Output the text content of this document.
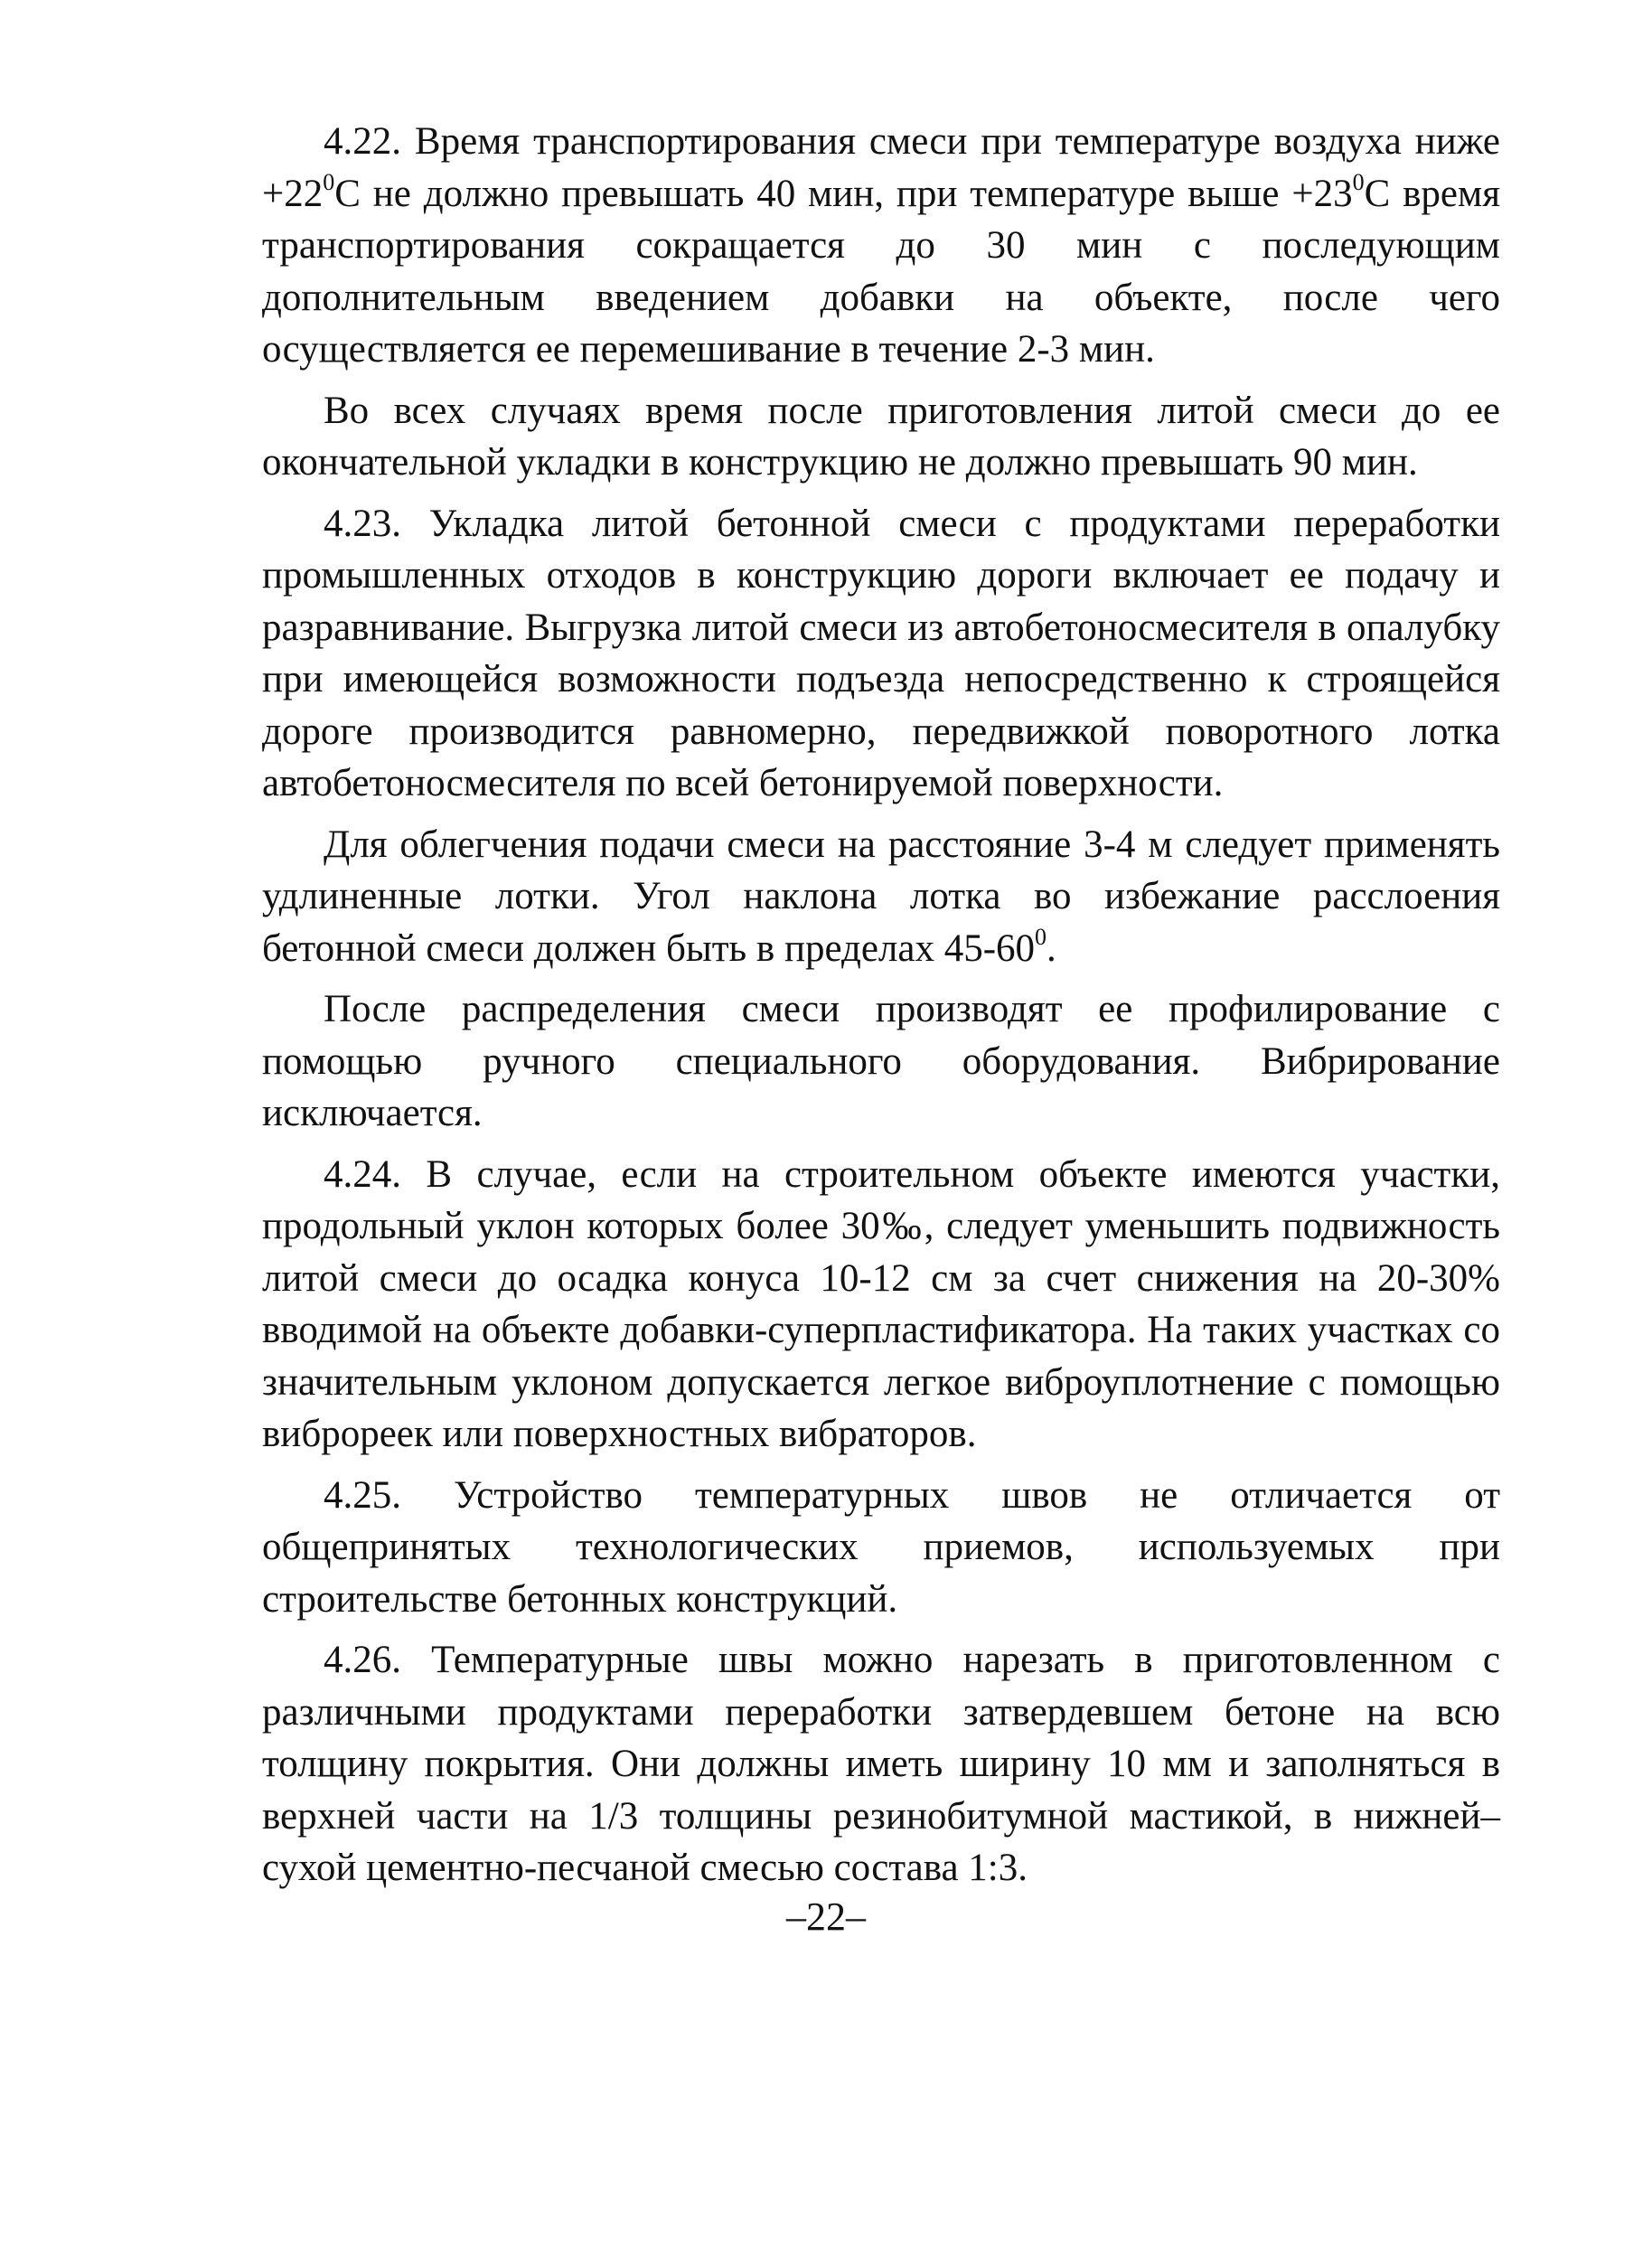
4.22. Время транспортирования смеси при температуре воздуха ниже $+22^0С$ не должно превышать 40 мин, при температуре выше $+23^0С$ время транспортирования сокращается до 30 мин с последующим дополнительным введением добавки на объекте, после чего осуществляется ее перемешивание в течение 2-3 мин.

Во всех случаях время после приготовления литой смеси до ее окончательной укладки в конструкцию не должно превышать 90 мин.

4.23. Укладка литой бетонной смеси с продуктами переработки промышленных отходов в конструкцию дороги включает ее подачу и разравнивание. Выгрузка литой смеси из автобетоносмесителя в опалубку при имеющейся возможности подъезда непосредственно к строящейся дороге производится равномерно, передвижкой поворотного лотка автобетоносмесителя по всей бетонируемой поверхности.

Для облегчения подачи смеси на расстояние 3-4 м следует применять удлиненные лотки. Угол наклона лотка во избежание расслоения бетонной смеси должен быть в пределах $45-60^0$.

После распределения смеси производят ее профилирование с помощью ручного специального оборудования. Вибрирование исключается.

4.24. В случае, если на строительном объекте имеются участки, продольный уклон которых более 30‰, следует уменьшить подвижность литой смеси до осадка конуса 10-12 см за счет снижения на 20-30% вводимой на объекте добавки-суперпластификатора. На таких участках со значительным уклоном допускается легкое виброуплотнение с помощью виброреек или поверхностных вибраторов.

4.25. Устройство температурных швов не отличается от общепринятых технологических приемов, используемых при строительстве бетонных конструкций.

4.26. Температурные швы можно нарезать в приготовленном с различными продуктами переработки затвердевшем бетоне на всю толщину покрытия. Они должны иметь ширину 10 мм и заполняться в верхней части на 1/3 толщины резинобитумной мастикой, в нижней– сухой цементно-песчаной смесью состава 1:3.

–22–
